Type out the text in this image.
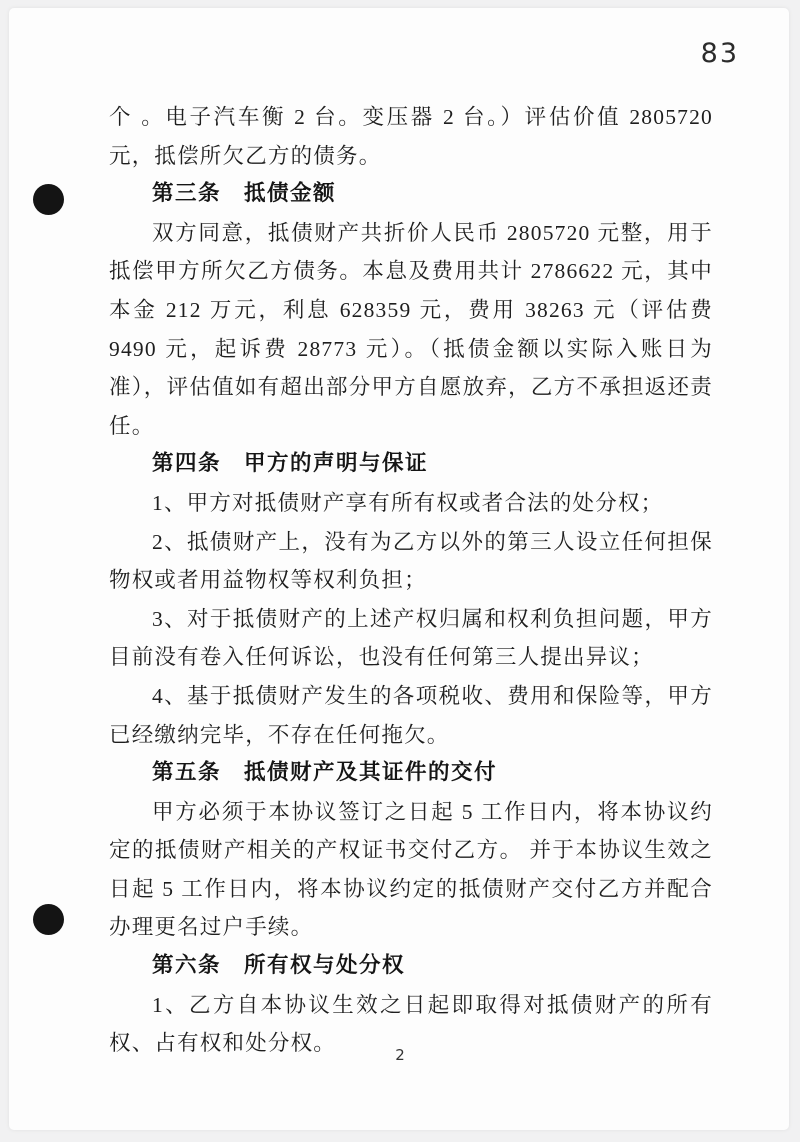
83

个 。电子汽车衡 2 台。变压器 2 台。）评估价值 2805720 元，抵偿所欠乙方的债务。

第三条　抵债金额

双方同意，抵债财产共折价人民币 2805720 元整，用于抵偿甲方所欠乙方债务。本息及费用共计 2786622 元，其中本金 212 万元，利息 628359 元，费用 38263 元（评估费 9490 元，起诉费 28773 元）。（抵债金额以实际入账日为准），评估值如有超出部分甲方自愿放弃，乙方不承担返还责任。

第四条　甲方的声明与保证

1、甲方对抵债财产享有所有权或者合法的处分权；

2、抵债财产上，没有为乙方以外的第三人设立任何担保物权或者用益物权等权利负担；

3、对于抵债财产的上述产权归属和权利负担问题，甲方目前没有卷入任何诉讼，也没有任何第三人提出异议；

4、基于抵债财产发生的各项税收、费用和保险等，甲方已经缴纳完毕，不存在任何拖欠。

第五条　抵债财产及其证件的交付

甲方必须于本协议签订之日起 5 工作日内，将本协议约定的抵债财产相关的产权证书交付乙方。 并于本协议生效之日起 5 工作日内，将本协议约定的抵债财产交付乙方并配合办理更名过户手续。

第六条　所有权与处分权

1、乙方自本协议生效之日起即取得对抵债财产的所有权、占有权和处分权。	2
